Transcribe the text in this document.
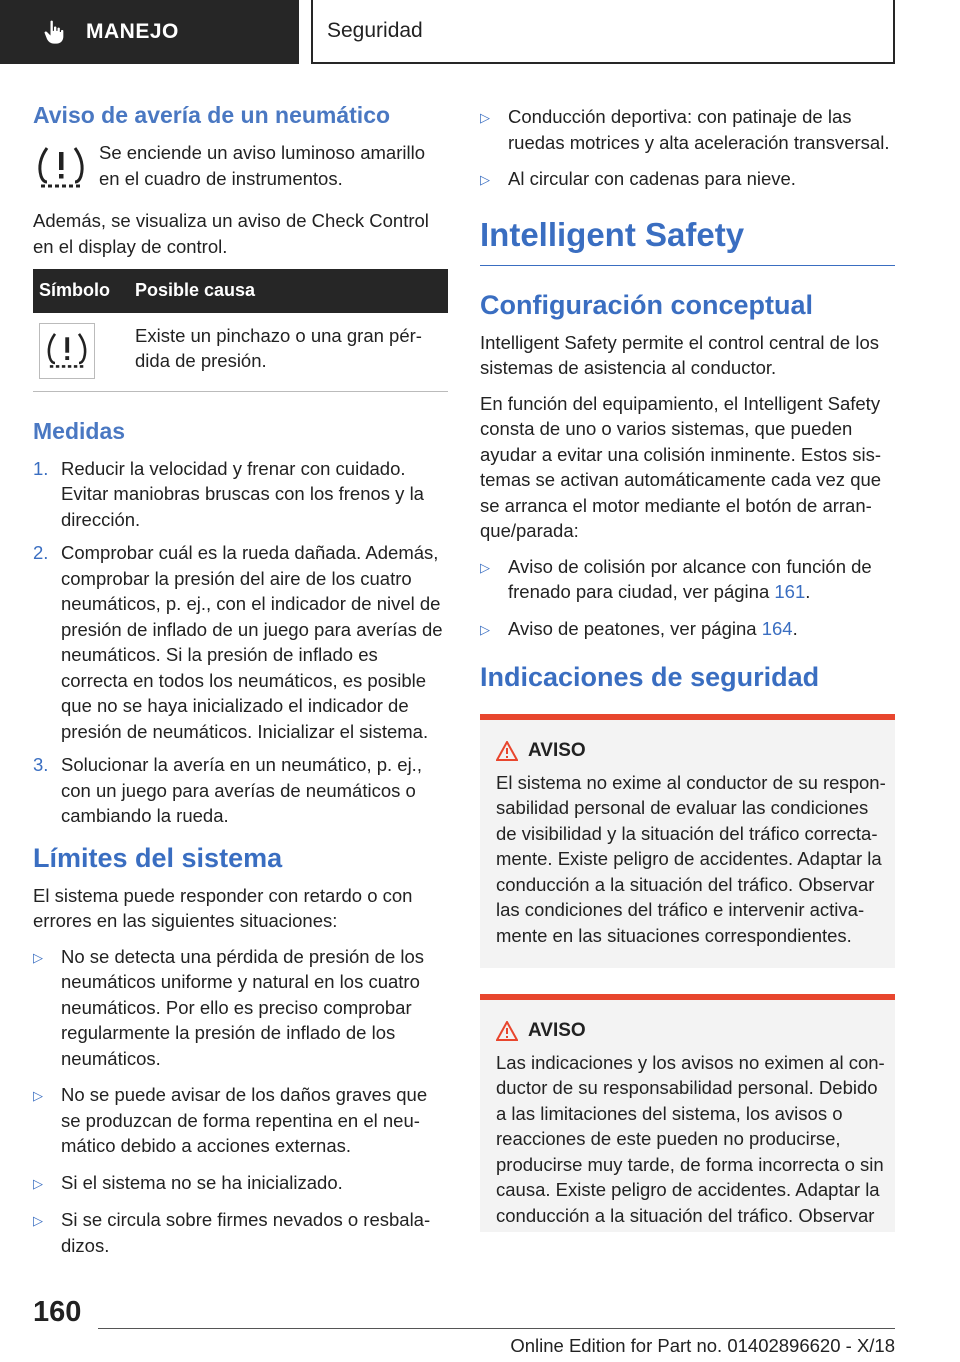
MANEJO	Seguridad
Aviso de avería de un neumático
Se enciende un aviso luminoso amarillo en el cuadro de instrumentos.

Además, se visualiza un aviso de Check Control en el display de control.

Símbolo	Posible causa

	Existe un pinchazo o una gran pérdida de presión.
Medidas
1. Reducir la velocidad y frenar con cuidado. Evitar maniobras bruscas con los frenos y la dirección.
2. Comprobar cuál es la rueda dañada. Además, comprobar la presión del aire de los cuatro neumáticos, p. ej., con el indicador de nivel de presión de inflado de un juego para averías de neumáticos. Si la presión de inflado es correcta en todos los neumáticos, es posible que no se haya inicializado el indicador de presión de neumáticos. Inicializar el sistema.
3. Solucionar la avería en un neumático, p. ej., con un juego para averías de neumáticos o cambiando la rueda.
Límites del sistema

El sistema puede responder con retardo o con errores en las siguientes situaciones:

▷ No se detecta una pérdida de presión de los neumáticos uniforme y natural en los cuatro neumáticos. Por ello es preciso comprobar regularmente la presión de inflado de los neumáticos.
▷ No se puede avisar de los daños graves que se produzcan de forma repentina en el neumático debido a acciones externas.
▷ Si el sistema no se ha inicializado.
▷ Si se circula sobre firmes nevados o resbaladizos.
▷ Conducción deportiva: con patinaje de las ruedas motrices y alta aceleración transversal.
▷ Al circular con cadenas para nieve.
Intelligent Safety
Configuración conceptual

Intelligent Safety permite el control central de los sistemas de asistencia al conductor.

En función del equipamiento, el Intelligent Safety consta de uno o varios sistemas, que pueden ayudar a evitar una colisión inminente. Estos sistemas se activan automáticamente cada vez que se arranca el motor mediante el botón de arranque/parada:

▷ Aviso de colisión por alcance con función de frenado para ciudad, ver página 161.
▷ Aviso de peatones, ver página 164.
Indicaciones de seguridad
AVISO
El sistema no exime al conductor de su responsabilidad personal de evaluar las condiciones de visibilidad y la situación del tráfico correctamente. Existe peligro de accidentes. Adaptar la conducción a la situación del tráfico. Observar las condiciones del tráfico e intervenir activamente en las situaciones correspondientes.
AVISO
Las indicaciones y los avisos no eximen al conductor de su responsabilidad personal. Debido a las limitaciones del sistema, los avisos o reacciones de este pueden no producirse, producirse muy tarde, de forma incorrecta o sin causa. Existe peligro de accidentes. Adaptar la conducción a la situación del tráfico. Observar
160
Online Edition for Part no. 01402896620 - X/18
